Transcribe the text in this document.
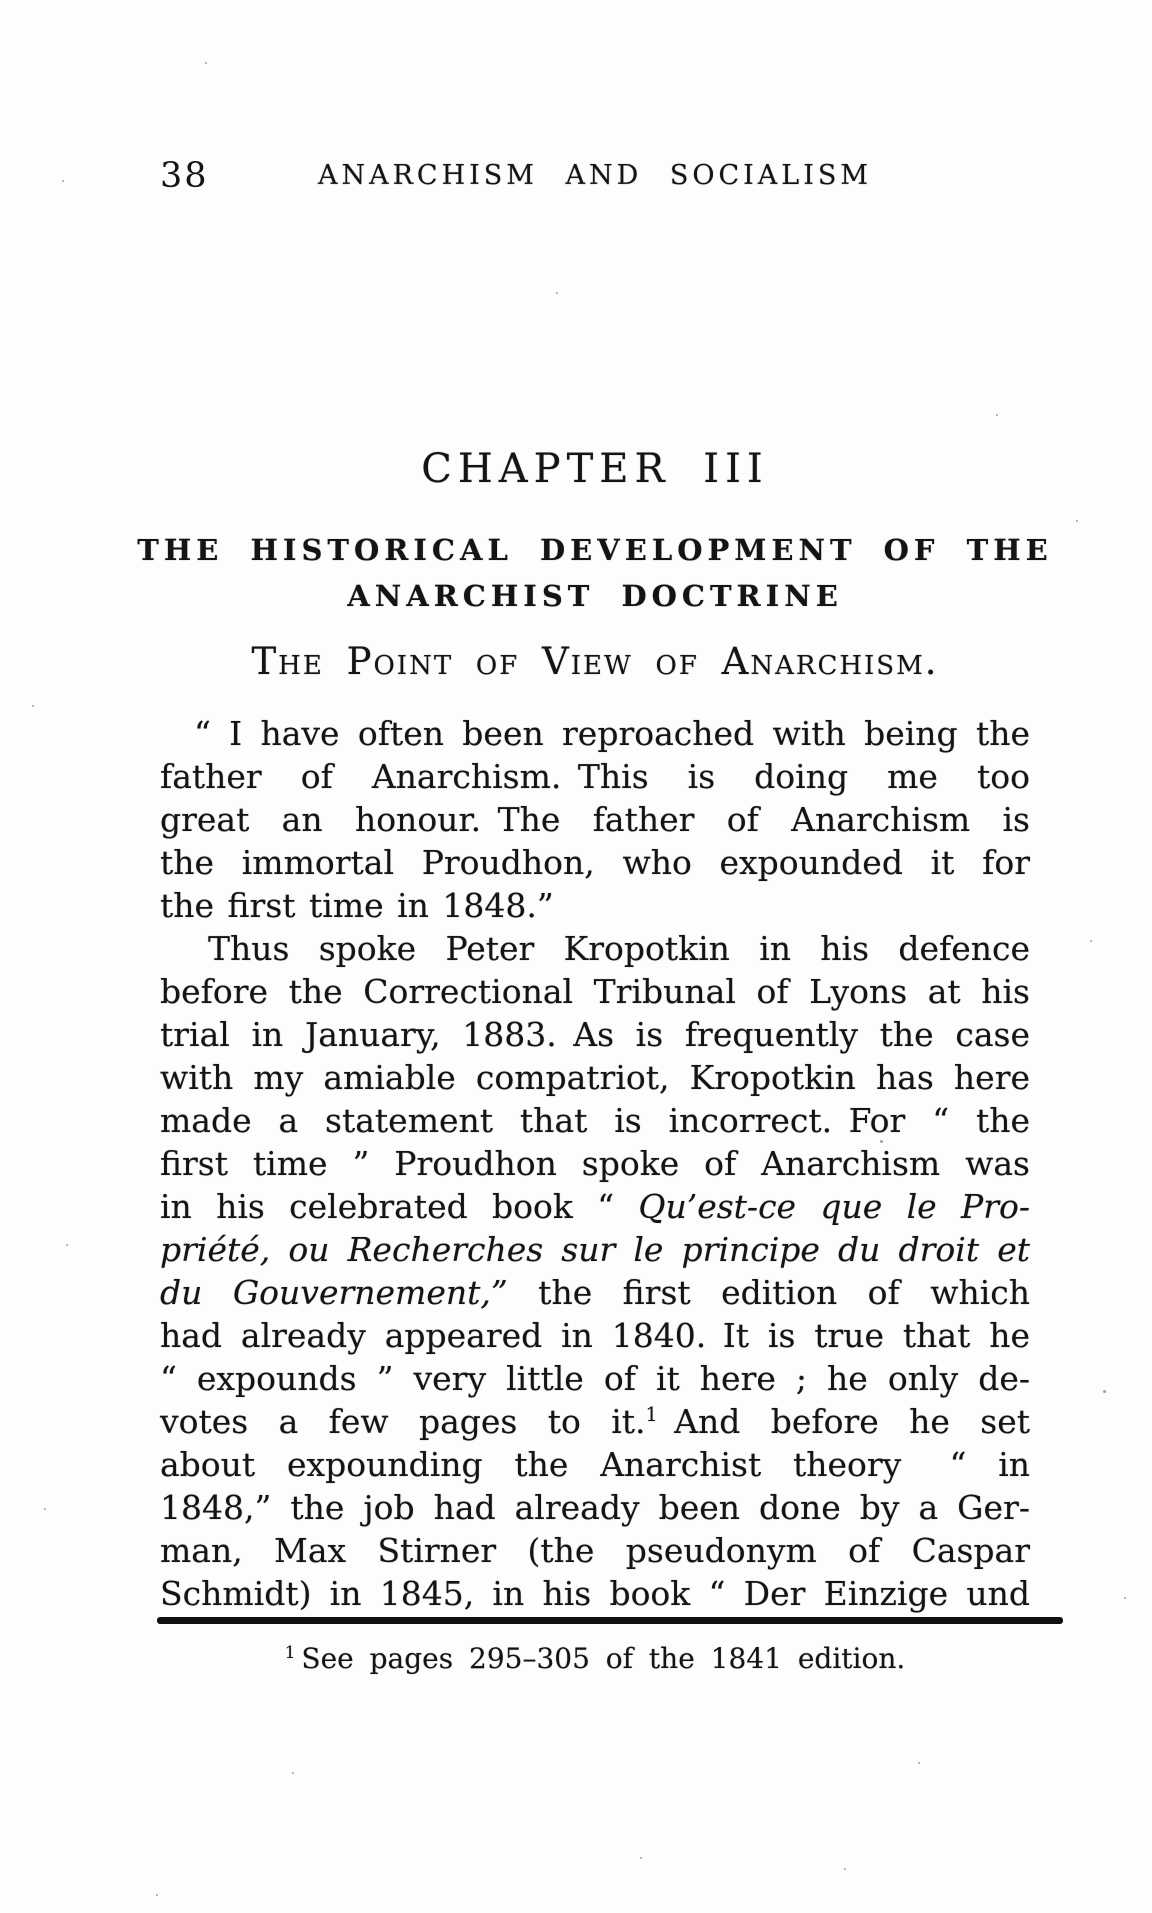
38	ANARCHISM AND SOCIALISM
CHAPTER III
THE HISTORICAL DEVELOPMENT OF THE
ANARCHIST DOCTRINE
The Point of View of Anarchism.
“ I have often been reproached with being the
father of Anarchism. This is doing me too
great an honour. The father of Anarchism is
the immortal Proudhon, who expounded it for
the first time in 1848.”
Thus spoke Peter Kropotkin in his defence
before the Correctional Tribunal of Lyons at his
trial in January, 1883. As is frequently the case
with my amiable compatriot, Kropotkin has here
made a statement that is incorrect. For “ the
first time ” Proudhon spoke of Anarchism was
in his celebrated book “ Qu’est-ce que le Pro-
priété, ou Recherches sur le principe du droit et
du Gouvernement,” the first edition of which
had already appeared in 1840. It is true that he
“ expounds ” very little of it here ; he only de-
votes a few pages to it.$^1$ And before he set
about expounding the Anarchist theory  “ in
1848,” the job had already been done by a Ger-
man, Max Stirner (the pseudonym of Caspar
Schmidt) in 1845, in his book “ Der Einzige und
$^1$ See pages 295–305 of the 1841 edition.
